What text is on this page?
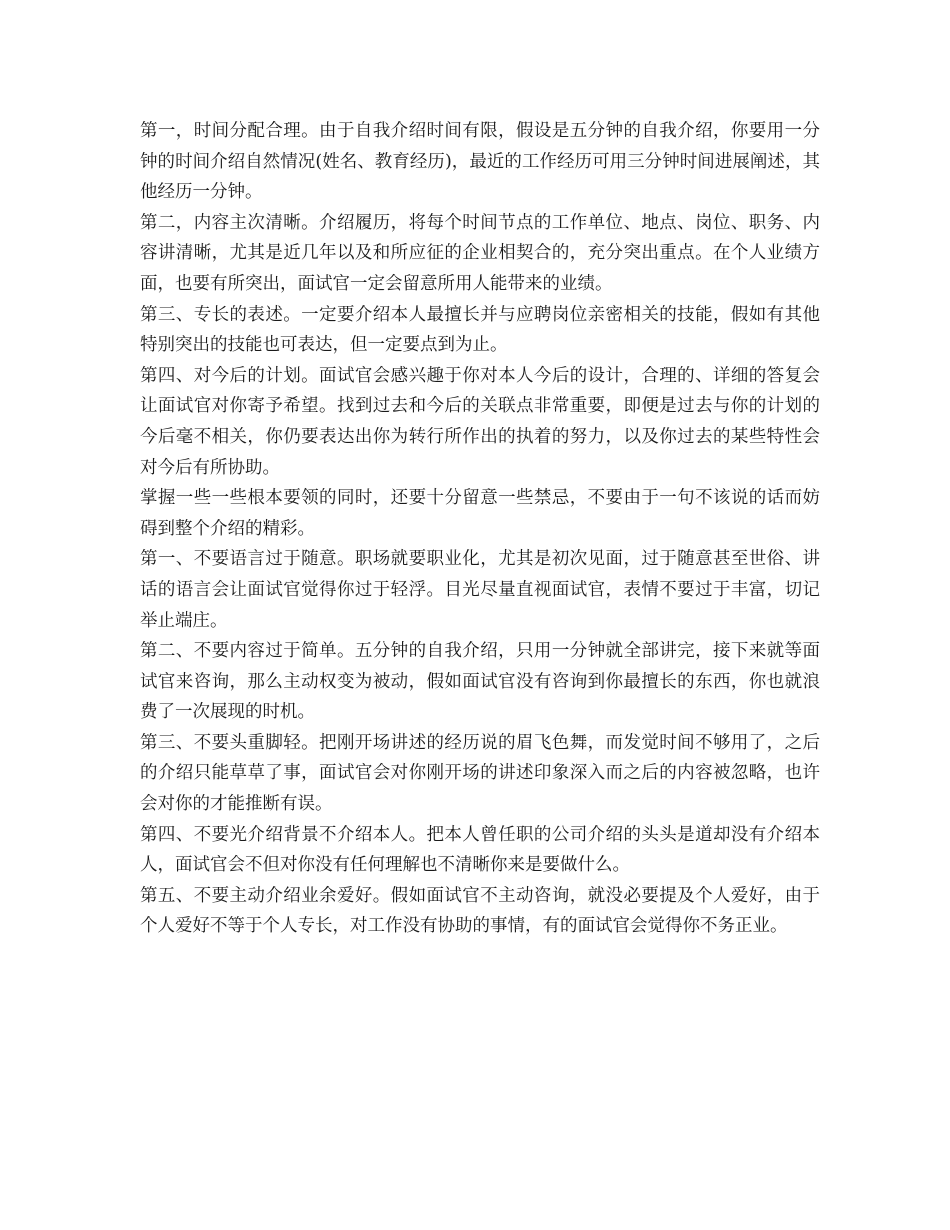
第一，时间分配合理。由于自我介绍时间有限，假设是五分钟的自我介绍，你要用一分钟的时间介绍自然情况(姓名、教育经历)，最近的工作经历可用三分钟时间进展阐述，其他经历一分钟。

第二，内容主次清晰。介绍履历，将每个时间节点的工作单位、地点、岗位、职务、内容讲清晰，尤其是近几年以及和所应征的企业相契合的，充分突出重点。在个人业绩方面，也要有所突出，面试官一定会留意所用人能带来的业绩。

第三、专长的表述。一定要介绍本人最擅长并与应聘岗位亲密相关的技能，假如有其他特别突出的技能也可表达，但一定要点到为止。

第四、对今后的计划。面试官会感兴趣于你对本人今后的设计，合理的、详细的答复会让面试官对你寄予希望。找到过去和今后的关联点非常重要，即便是过去与你的计划的今后毫不相关，你仍要表达出你为转行所作出的执着的努力，以及你过去的某些特性会对今后有所协助。

掌握一些一些根本要领的同时，还要十分留意一些禁忌，不要由于一句不该说的话而妨碍到整个介绍的精彩。

第一、不要语言过于随意。职场就要职业化，尤其是初次见面，过于随意甚至世俗、讲话的语言会让面试官觉得你过于轻浮。目光尽量直视面试官，表情不要过于丰富，切记举止端庄。

第二、不要内容过于简单。五分钟的自我介绍，只用一分钟就全部讲完，接下来就等面试官来咨询，那么主动权变为被动，假如面试官没有咨询到你最擅长的东西，你也就浪费了一次展现的时机。

第三、不要头重脚轻。把刚开场讲述的经历说的眉飞色舞，而发觉时间不够用了，之后的介绍只能草草了事，面试官会对你刚开场的讲述印象深入而之后的内容被忽略，也许会对你的才能推断有误。

第四、不要光介绍背景不介绍本人。把本人曾任职的公司介绍的头头是道却没有介绍本人，面试官会不但对你没有任何理解也不清晰你来是要做什么。

第五、不要主动介绍业余爱好。假如面试官不主动咨询，就没必要提及个人爱好，由于个人爱好不等于个人专长，对工作没有协助的事情，有的面试官会觉得你不务正业。
